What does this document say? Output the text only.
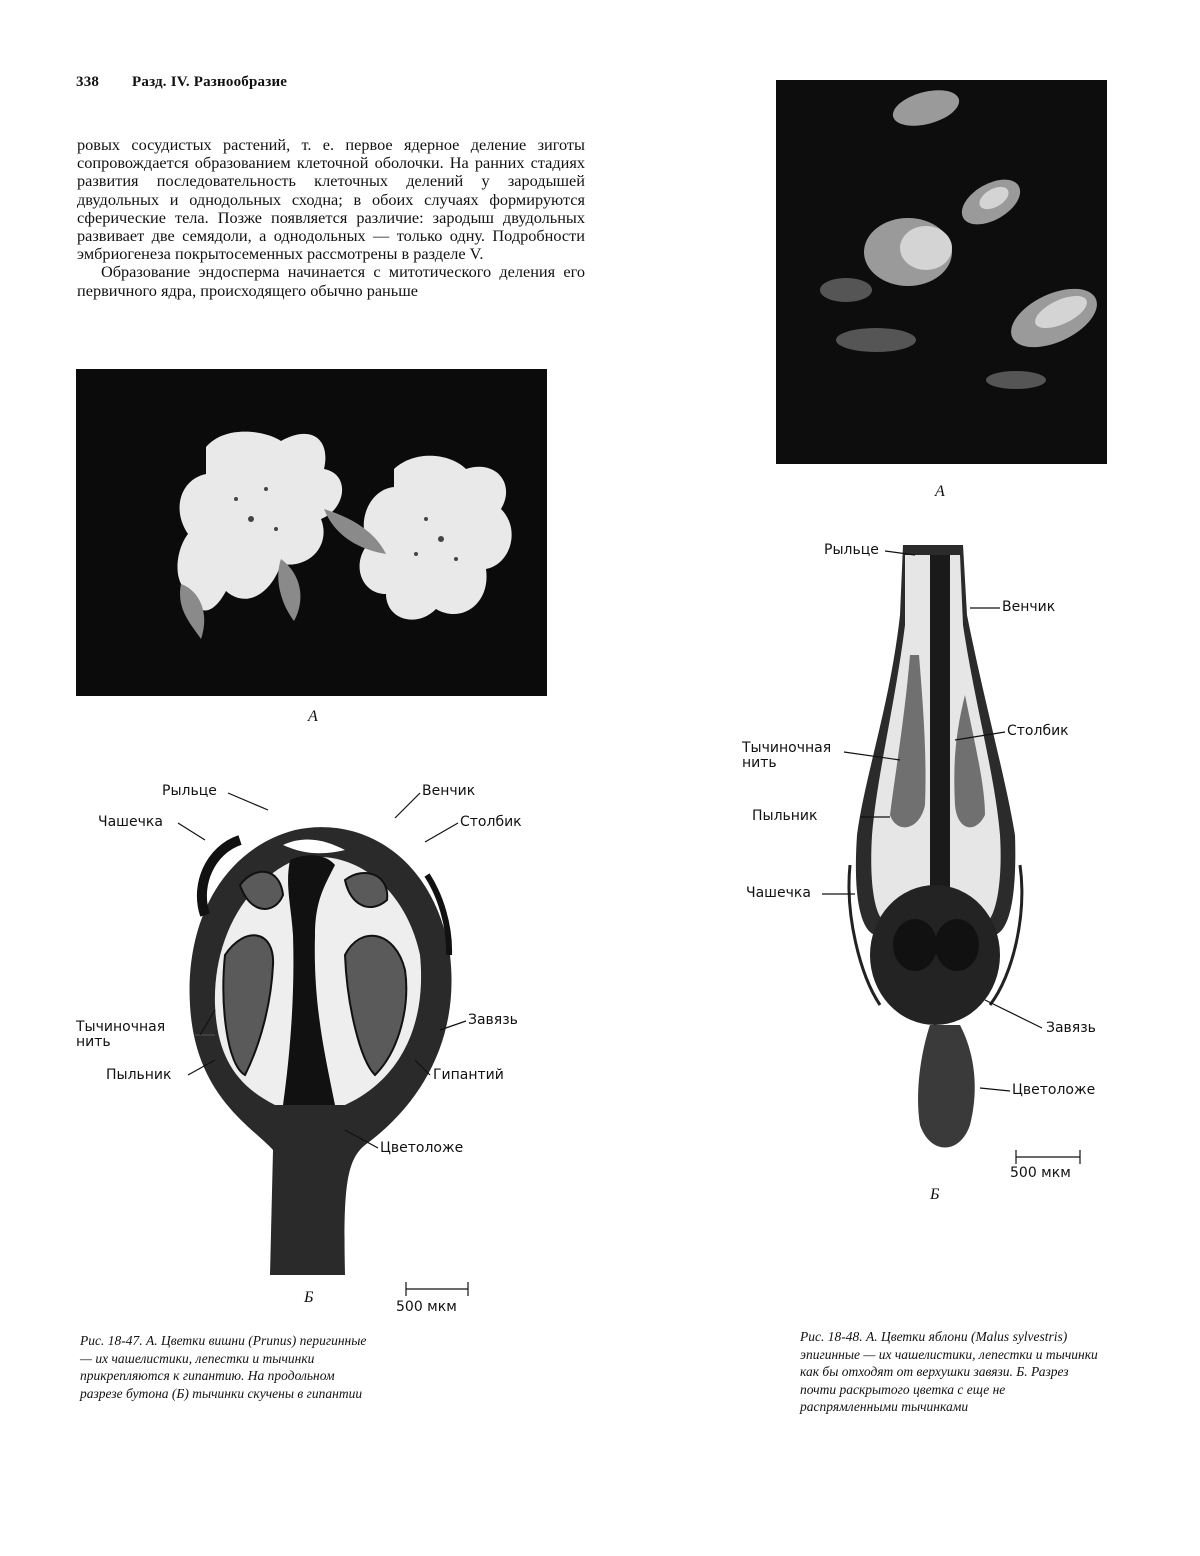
338 Разд. IV. Разнообразие

ровых сосудистых растений, т. е. первое ядерное деление зиготы сопровождается образованием клеточной оболочки. На ранних стадиях развития последовательность клеточных делений у зародышей двудольных и однодольных сходна; в обоих случаях формируются сферические тела. Позже появляется различие: зародыш двудольных развивает две семядоли, а однодольных — только одну. Подробности эмбриогенеза покрытосеменных рассмотрены в разделе V.

Образование эндосперма начинается с митотического деления его первичного ядра, происходящего обычно раньше

А
А
Рыльце	Венчик
Чашечка	Столбик
Тычиночная
нить
Завязь
Пыльник	Гипантий
Цветоложе
Б
500 мкм
Рис. 18-47. А. Цветки вишни (Prunus) перигинные — их чашелистики, лепестки и тычинки прикрепляются к гипантию. На продольном разрезе бутона (Б) тычинки скучены в гипантии
Рыльце
Венчик
Столбик
Тычиночная
нить
Пыльник
Чашечка
Завязь
Цветоложе
500 мкм
Б
Рис. 18-48. А. Цветки яблони (Malus sylvestris) эпигинные — их чашелистики, лепестки и тычинки как бы отходят от верхушки завязи. Б. Разрез почти раскрытого цветка с еще не распрямленными тычинками
